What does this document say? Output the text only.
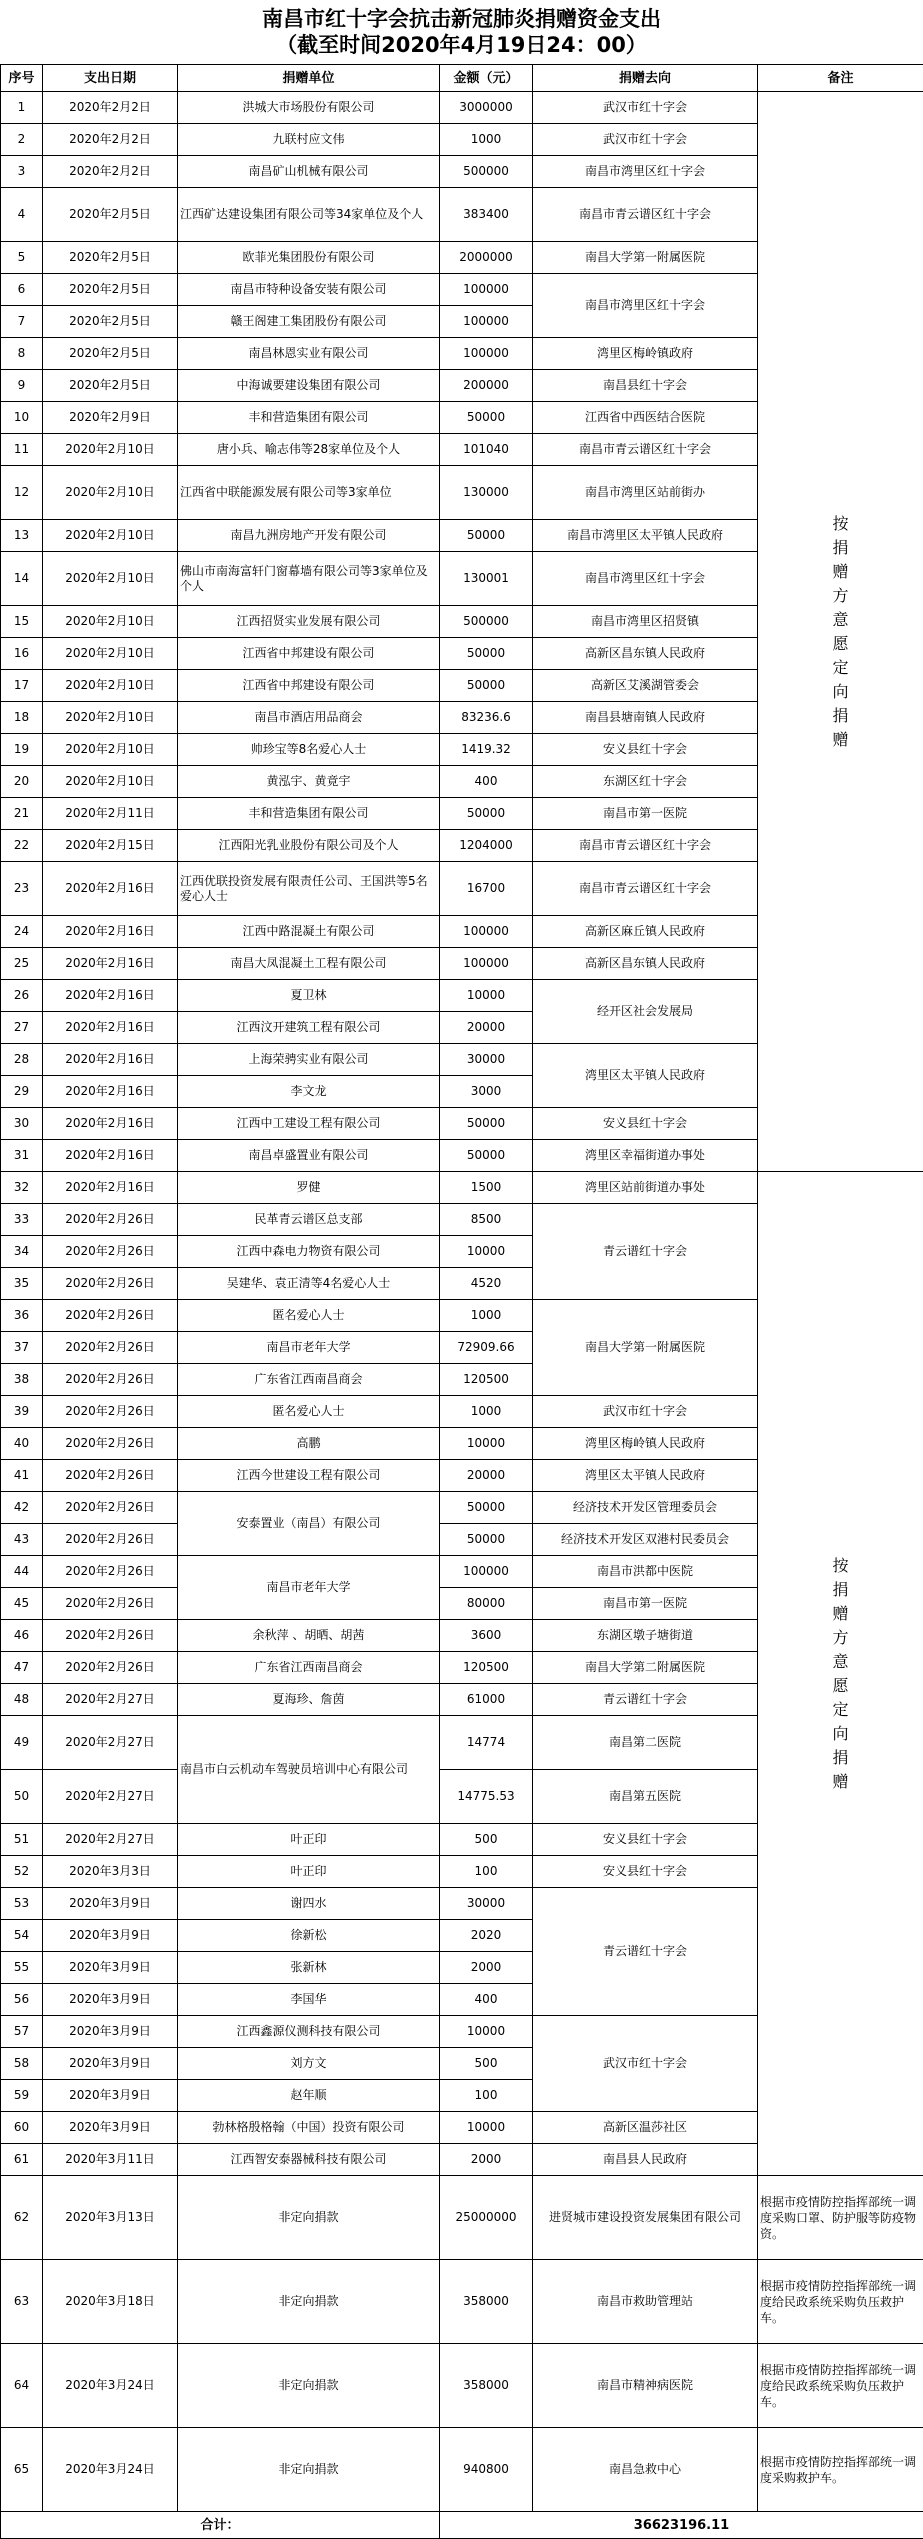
南昌市红十字会抗击新冠肺炎捐赠资金支出
（截至时间2020年4月19日24：00）
序号	支出日期	捐赠单位	金额（元）	捐赠去向	备注
1	2020年2月2日	洪城大市场股份有限公司	3000000	武汉市红十字会	按捐赠方意愿定向捐赠
2	2020年2月2日	九联村应文伟	1000	武汉市红十字会	
3	2020年2月2日	南昌矿山机械有限公司	500000	南昌市湾里区红十字会	
4	2020年2月5日	江西矿达建设集团有限公司等34家单位及个人	383400	南昌市青云谱区红十字会	
5	2020年2月5日	欧菲光集团股份有限公司	2000000	南昌大学第一附属医院	
6	2020年2月5日	南昌市特种设备安装有限公司	100000	南昌市湾里区红十字会	
7	2020年2月5日	赣王阁建工集团股份有限公司	100000		
8	2020年2月5日	南昌林恩实业有限公司	100000	湾里区梅岭镇政府	
9	2020年2月5日	中海诚要建设集团有限公司	200000	南昌县红十字会	
10	2020年2月9日	丰和营造集团有限公司	50000	江西省中西医结合医院	
11	2020年2月10日	唐小兵、喻志伟等28家单位及个人	101040	南昌市青云谱区红十字会	
12	2020年2月10日	江西省中联能源发展有限公司等3家单位	130000	南昌市湾里区站前街办	
13	2020年2月10日	南昌九洲房地产开发有限公司	50000	南昌市湾里区太平镇人民政府	
14	2020年2月10日	佛山市南海富轩门窗幕墙有限公司等3家单位及个人	130001	南昌市湾里区红十字会	
15	2020年2月10日	江西招贤实业发展有限公司	500000	南昌市湾里区招贤镇	
16	2020年2月10日	江西省中邦建设有限公司	50000	高新区昌东镇人民政府	
17	2020年2月10日	江西省中邦建设有限公司	50000	高新区艾溪湖管委会	
18	2020年2月10日	南昌市酒店用品商会	83236.6	南昌县塘南镇人民政府	
19	2020年2月10日	帅珍宝等8名爱心人士	1419.32	安义县红十字会	
20	2020年2月10日	黄泓宇、黄竟宇	400	东湖区红十字会	
21	2020年2月11日	丰和营造集团有限公司	50000	南昌市第一医院	
22	2020年2月15日	江西阳光乳业股份有限公司及个人	1204000	南昌市青云谱区红十字会	
23	2020年2月16日	江西优联投资发展有限责任公司、王国洪等5名爱心人士	16700	南昌市青云谱区红十字会	
24	2020年2月16日	江西中路混凝土有限公司	100000	高新区麻丘镇人民政府	
25	2020年2月16日	南昌大凤混凝土工程有限公司	100000	高新区昌东镇人民政府	
26	2020年2月16日	夏卫林	10000	经开区社会发展局	
27	2020年2月16日	江西汶开建筑工程有限公司	20000		
28	2020年2月16日	上海荣骋实业有限公司	30000	湾里区太平镇人民政府	
29	2020年2月16日	李文龙	3000		
30	2020年2月16日	江西中工建设工程有限公司	50000	安义县红十字会	
31	2020年2月16日	南昌卓盛置业有限公司	50000	湾里区幸福街道办事处	
32	2020年2月16日	罗健	1500	湾里区站前街道办事处	按捐赠方意愿定向捐赠
33	2020年2月26日	民革青云谱区总支部	8500	青云谱红十字会	
34	2020年2月26日	江西中森电力物资有限公司	10000		
35	2020年2月26日	吴建华、袁正清等4名爱心人士	4520		
36	2020年2月26日	匿名爱心人士	1000	南昌大学第一附属医院	
37	2020年2月26日	南昌市老年大学	72909.66		
38	2020年2月26日	广东省江西南昌商会	120500		
39	2020年2月26日	匿名爱心人士	1000	武汉市红十字会	
40	2020年2月26日	高鹏	10000	湾里区梅岭镇人民政府	
41	2020年2月26日	江西今世建设工程有限公司	20000	湾里区太平镇人民政府	
42	2020年2月26日	安泰置业（南昌）有限公司	50000	经济技术开发区管理委员会	
43	2020年2月26日		50000	经济技术开发区双港村民委员会	
44	2020年2月26日	南昌市老年大学	100000	南昌市洪都中医院	
45	2020年2月26日		80000	南昌市第一医院	
46	2020年2月26日	余秋萍 、胡晒、胡茜	3600	东湖区墩子塘街道	
47	2020年2月26日	广东省江西南昌商会	120500	南昌大学第二附属医院	
48	2020年2月27日	夏海珍、詹茵	61000	青云谱红十字会	
49	2020年2月27日	南昌市白云机动车驾驶员培训中心有限公司	14774	南昌第二医院	
50	2020年2月27日		14775.53	南昌第五医院	
51	2020年2月27日	叶正印	500	安义县红十字会	
52	2020年3月3日	叶正印	100	安义县红十字会	
53	2020年3月9日	谢四水	30000	青云谱红十字会	
54	2020年3月9日	徐新松	2020		
55	2020年3月9日	张新林	2000		
56	2020年3月9日	李国华	400		
57	2020年3月9日	江西鑫源仪测科技有限公司	10000	武汉市红十字会	
58	2020年3月9日	刘方文	500		
59	2020年3月9日	赵年顺	100		
60	2020年3月9日	勃林格殷格翰（中国）投资有限公司	10000	高新区温莎社区	
61	2020年3月11日	江西智安泰器械科技有限公司	2000	南昌县人民政府	
62	2020年3月13日	非定向捐款	25000000	进贤城市建设投资发展集团有限公司	根据市疫情防控指挥部统一调度采购口罩、防护服等防疫物资。
63	2020年3月18日	非定向捐款	358000	南昌市救助管理站	根据市疫情防控指挥部统一调度给民政系统采购负压救护车。
64	2020年3月24日	非定向捐款	358000	南昌市精神病医院	根据市疫情防控指挥部统一调度给民政系统采购负压救护车。
65	2020年3月24日	非定向捐款	940800	南昌急救中心	根据市疫情防控指挥部统一调度采购救护车。
合计：			36623196.11		
